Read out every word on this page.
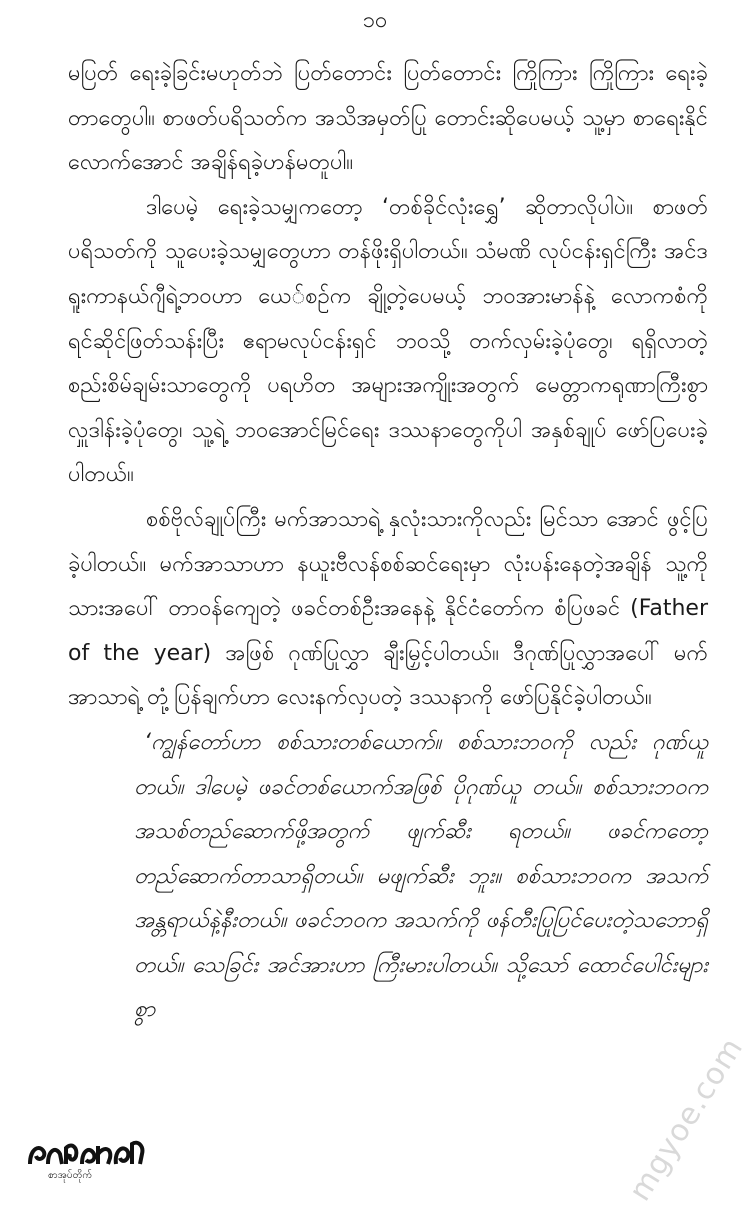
၁၀

မပြတ် ရေးခဲ့ခြင်းမဟုတ်ဘဲ ပြတ်တောင်း ပြတ်တောင်း ကြိုကြား ကြိုကြား ရေးခဲ့တာတွေပါ။ စာဖတ်ပရိသတ်က အသိအမှတ်ပြု တောင်းဆိုပေမယ့် သူ့မှာ စာရေးနိုင်လောက်အောင် အချိန်ရခဲ့ဟန်မတူပါ။

ဒါပေမဲ့ ရေးခဲ့သမျှကတော့ ‘တစ်ခိုင်လုံးရွှေ’ ဆိုတာလိုပါပဲ။ စာဖတ်ပရိသတ်ကို သူပေးခဲ့သမျှတွေဟာ တန်ဖိုးရှိပါတယ်။ သံမဏိ လုပ်ငန်းရှင်ကြီး အင်ဒရူးကာနယ်ဂျီရဲ့ဘဝဟာ ယေ်စဉ်က ချို့တဲ့ပေမယ့် ဘဝအားမာန်နဲ့ လောကစံကို ရင်ဆိုင်ဖြတ်သန်းပြီး ဧရာမလုပ်ငန်းရှင် ဘဝသို့ တက်လှမ်းခဲ့ပုံတွေ၊ ရရှိလာတဲ့ စည်းစိမ်ချမ်းသာတွေကို ပရဟိတ အများအကျိုးအတွက် မေတ္တာကရုဏာကြီးစွာ လှူဒါန်းခဲ့ပုံတွေ၊ သူ့ရဲ့ ဘဝအောင်မြင်ရေး ဒဿနာတွေကိုပါ အနှစ်ချုပ် ဖော်ပြပေးခဲ့ပါတယ်။

စစ်ဗိုလ်ချုပ်ကြီး မက်အာသာရဲ့ နှလုံးသားကိုလည်း မြင်သာ အောင် ဖွင့်ပြခဲ့ပါတယ်။ မက်အာသာဟာ နယူးဗီလန်စစ်ဆင်ရေးမှာ လုံးပန်းနေတဲ့အချိန် သူ့ကို သားအပေါ် တာဝန်ကျေတဲ့ ဖခင်တစ်ဦးအနေနဲ့ နိုင်ငံတော်က စံပြဖခင် (Father of the year) အဖြစ် ဂုဏ်ပြုလွှာ ချီးမြှင့်ပါတယ်။ ဒီဂုဏ်ပြုလွှာအပေါ် မက်အာသာရဲ့ တုံ့ပြန်ချက်ဟာ လေးနက်လှပတဲ့ ဒဿနာကို ဖော်ပြနိုင်ခဲ့ပါတယ်။

‘ကျွန်တော်ဟာ စစ်သားတစ်ယောက်။ စစ်သားဘဝကို လည်း ဂုဏ်ယူတယ်။ ဒါပေမဲ့ ဖခင်တစ်ယောက်အဖြစ် ပိုဂုဏ်ယူ တယ်။ စစ်သားဘဝက အသစ်တည်ဆောက်ဖို့အတွက် ဖျက်ဆီး ရတယ်။ ဖခင်ကတော့ တည်ဆောက်တာသာရှိတယ်။ မဖျက်ဆီး ဘူး။ စစ်သားဘဝက အသက်အန္တရာယ်နဲ့နီးတယ်။ ဖခင်ဘဝက အသက်ကို ဖန်တီးပြုပြင်ပေးတဲ့သဘောရှိတယ်။ သေခြင်း အင်အားဟာ ကြီးမားပါတယ်။ သို့သော် ထောင်ပေါင်းများစွာ

စာအုပ်တိုက်	mgyoe.com
